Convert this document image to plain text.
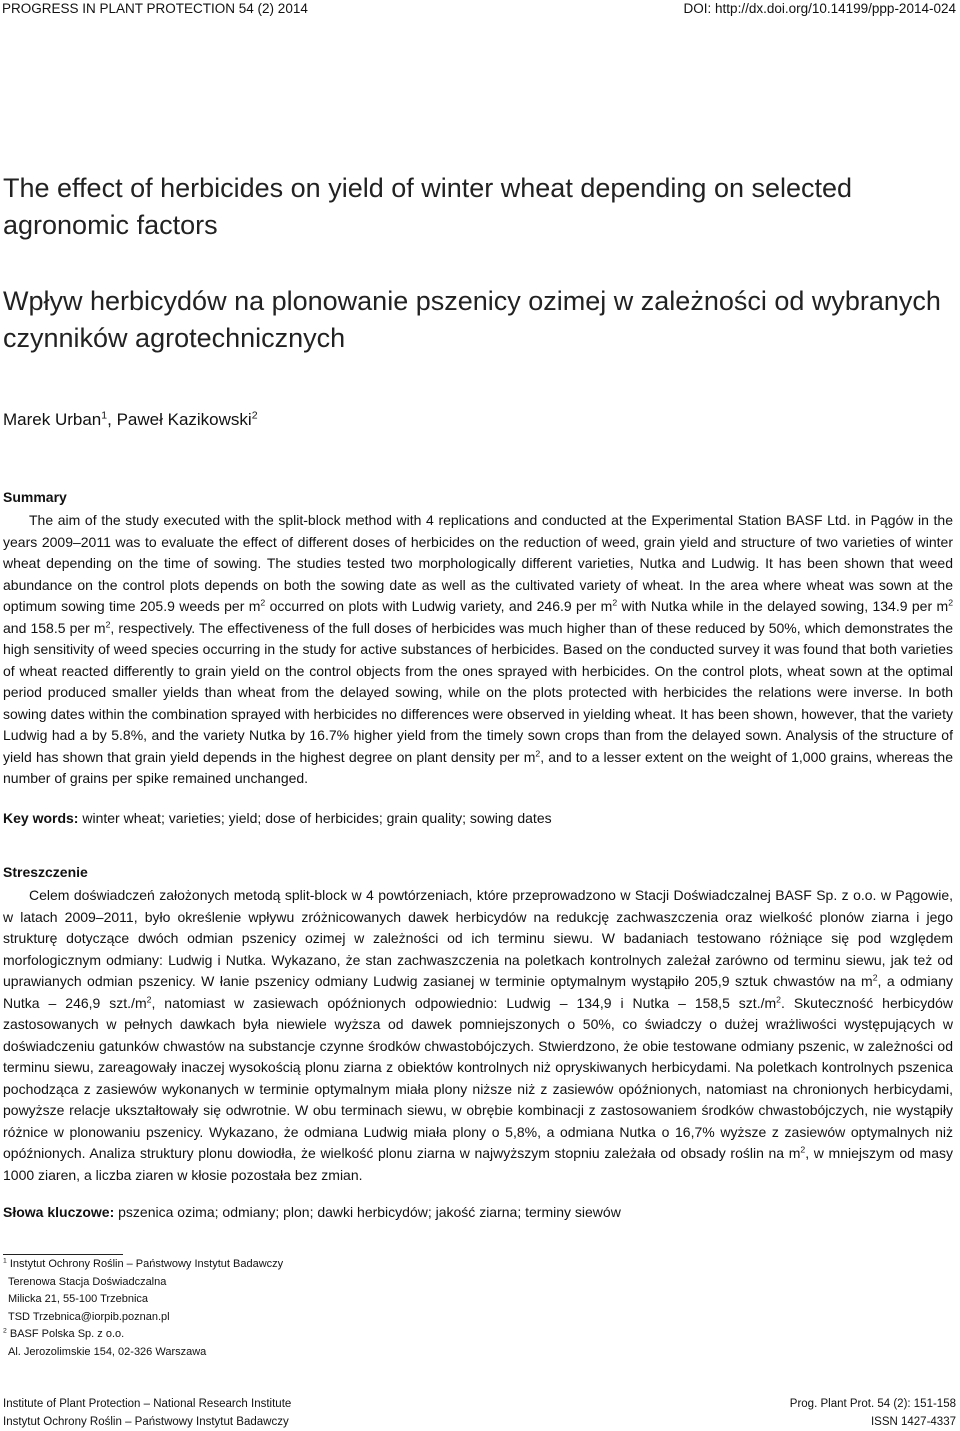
PROGRESS IN PLANT PROTECTION 54 (2) 2014	DOI: http://dx.doi.org/10.14199/ppp-2014-024
The effect of herbicides on yield of winter wheat depending on selected agronomic factors
Wpływ herbicydów na plonowanie pszenicy ozimej w zależności od wybranych czynników agrotechnicznych
Marek Urban$^1$, Paweł Kazikowski$^2$
Summary

The aim of the study executed with the split-block method with 4 replications and conducted at the Experimental Station BASF Ltd. in Pągów in the years 2009–2011 was to evaluate the effect of different doses of herbicides on the reduction of weed, grain yield and structure of two varieties of winter wheat depending on the time of sowing. The studies tested two morphologically different varieties, Nutka and Ludwig. It has been shown that weed abundance on the control plots depends on both the sowing date as well as the cultivated variety of wheat. In the area where wheat was sown at the optimum sowing time 205.9 weeds per $m^2$ occurred on plots with Ludwig variety, and 246.9 per $m^2$ with Nutka while in the delayed sowing, 134.9 per $m^2$ and 158.5 per $m^2$, respectively. The effectiveness of the full doses of herbicides was much higher than of these reduced by 50%, which demonstrates the high sensitivity of weed species occurring in the study for active substances of herbicides. Based on the conducted survey it was found that both varieties of wheat reacted differently to grain yield on the control objects from the ones sprayed with herbicides. On the control plots, wheat sown at the optimal period produced smaller yields than wheat from the delayed sowing, while on the plots protected with herbicides the relations were inverse. In both sowing dates within the combination sprayed with herbicides no differences were observed in yielding wheat. It has been shown, however, that the variety Ludwig had a by 5.8%, and the variety Nutka by 16.7% higher yield from the timely sown crops than from the delayed sown. Analysis of the structure of yield has shown that grain yield depends in the highest degree on plant density per $m^2$, and to a lesser extent on the weight of 1,000 grains, whereas the number of grains per spike remained unchanged.

Key words: winter wheat; varieties; yield; dose of herbicides; grain quality; sowing dates
Streszczenie

Celem doświadczeń założonych metodą split-block w 4 powtórzeniach, które przeprowadzono w Stacji Doświadczalnej BASF Sp. z o.o. w Pągowie, w latach 2009–2011, było określenie wpływu zróżnicowanych dawek herbicydów na redukcję zachwaszczenia oraz wielkość plonów ziarna i jego strukturę dotyczące dwóch odmian pszenicy ozimej w zależności od ich terminu siewu. W badaniach testowano różniące się pod względem morfologicznym odmiany: Ludwig i Nutka. Wykazano, że stan zachwaszczenia na poletkach kontrolnych zależał zarówno od terminu siewu, jak też od uprawianych odmian pszenicy. W łanie pszenicy odmiany Ludwig zasianej w terminie optymalnym wystąpiło 205,9 sztuk chwastów na $m^2$, a odmiany Nutka – 246,9 $szt./m^2$, natomiast w zasiewach opóźnionych odpowiednio: Ludwig – 134,9 i Nutka – 158,5 $szt./m^2$. Skuteczność herbicydów zastosowanych w pełnych dawkach była niewiele wyższa od dawek pomniejszonych o 50%, co świadczy o dużej wrażliwości występujących w doświadczeniu gatunków chwastów na substancje czynne środków chwastobójczych. Stwierdzono, że obie testowane odmiany pszenic, w zależności od terminu siewu, zareagowały inaczej wysokością plonu ziarna z obiektów kontrolnych niż opryskiwanych herbicydami. Na poletkach kontrolnych pszenica pochodząca z zasiewów wykonanych w terminie optymalnym miała plony niższe niż z zasiewów opóźnionych, natomiast na chronionych herbicydami, powyższe relacje ukształtowały się odwrotnie. W obu terminach siewu, w obrębie kombinacji z zastosowaniem środków chwastobójczych, nie wystąpiły różnice w plonowaniu pszenicy. Wykazano, że odmiana Ludwig miała plony o 5,8%, a odmiana Nutka o 16,7% wyższe z zasiewów optymalnych niż opóźnionych. Analiza struktury plonu dowiodła, że wielkość plonu ziarna w najwyższym stopniu zależała od obsady roślin na $m^2$, w mniejszym od masy 1000 ziaren, a liczba ziaren w kłosie pozostała bez zmian.

Słowa kluczowe: pszenica ozima; odmiany; plon; dawki herbicydów; jakość ziarna; terminy siewów
$^1$ Instytut Ochrony Roślin – Państwowy Instytut Badawczy
Terenowa Stacja Doświadczalna
Milicka 21, 55-100 Trzebnica
TSD Trzebnica@iorpib.poznan.pl
$^2$ BASF Polska Sp. z o.o.
Al. Jerozolimskie 154, 02-326 Warszawa
Institute of Plant Protection – National Research Institute
Instytut Ochrony Roślin – Państwowy Instytut Badawczy
Prog. Plant Prot. 54 (2): 151-158
ISSN 1427-4337
